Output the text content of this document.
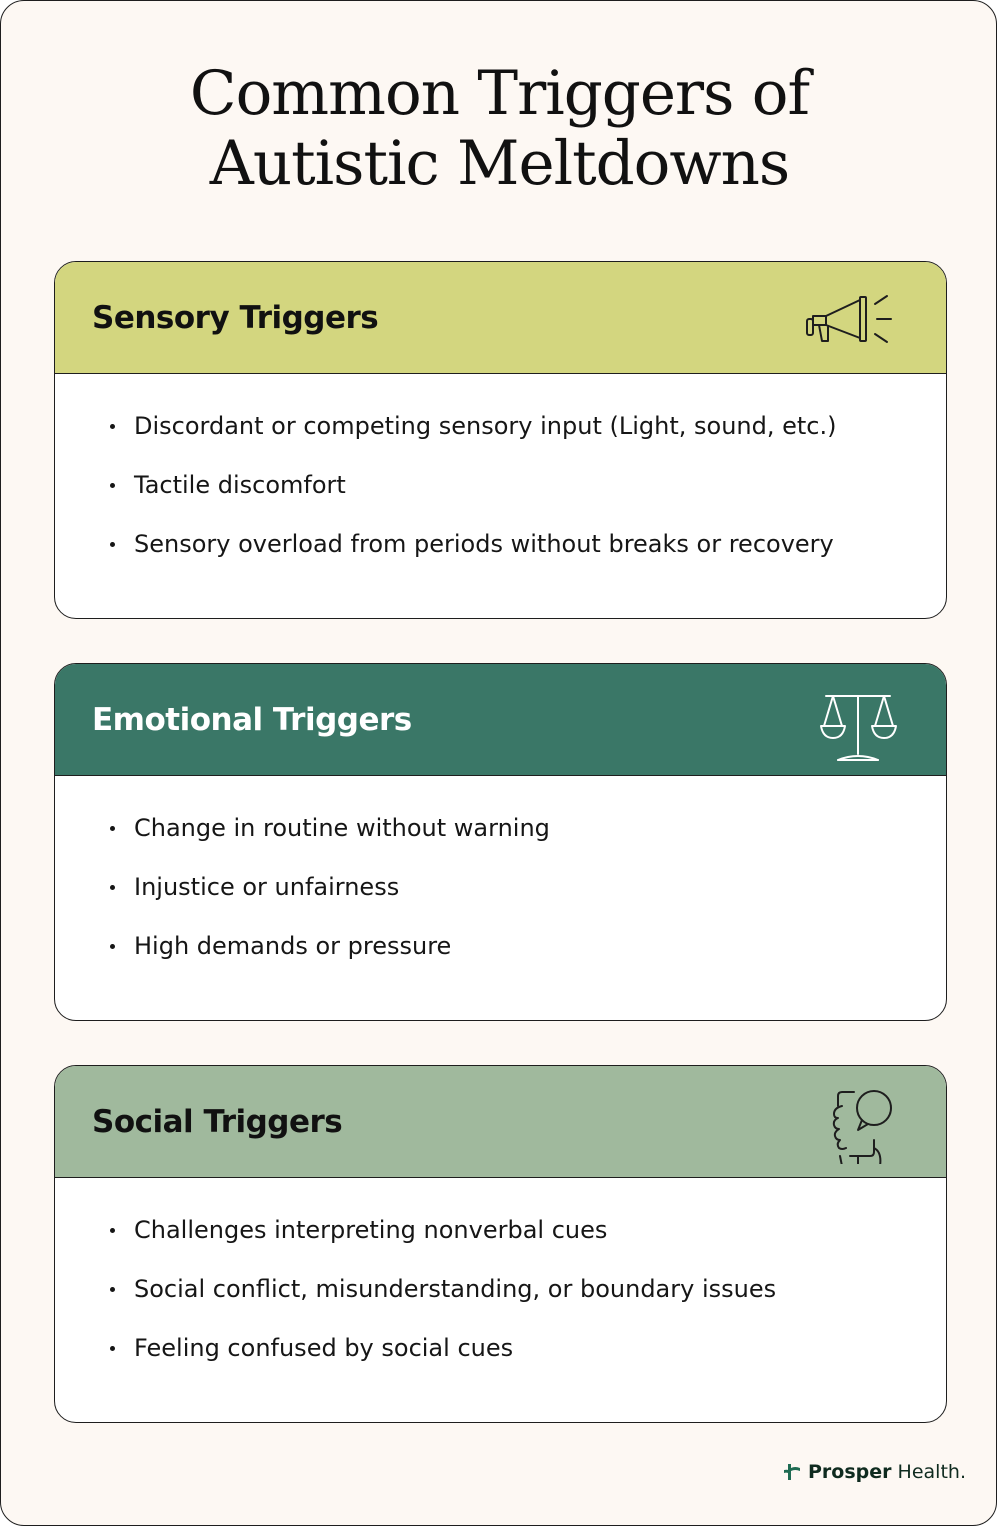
Common Triggers of
Autistic Meltdowns
Sensory Triggers
Discordant or competing sensory input (Light, sound, etc.)
Tactile discomfort
Sensory overload from periods without breaks or recovery
Emotional Triggers
Change in routine without warning
Injustice or unfairness
High demands or pressure
Social Triggers
Challenges interpreting nonverbal cues
Social conflict, misunderstanding, or boundary issues
Feeling confused by social cues
Prosper Health.
